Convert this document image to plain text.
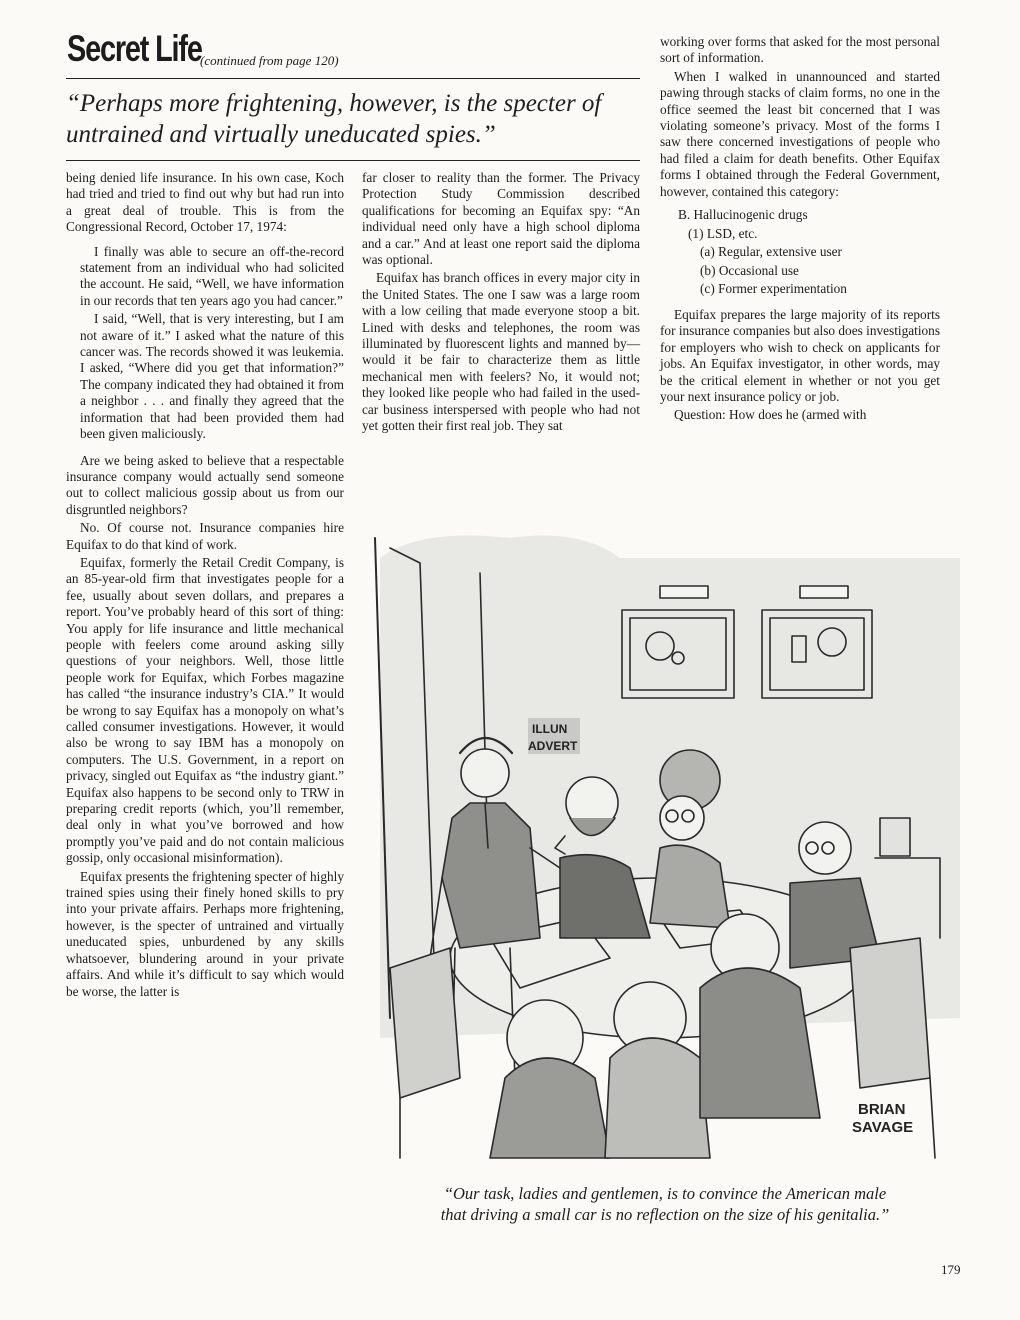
Secret Life
(continued from page 120)
“Perhaps more frightening, however, is the specter of untrained and virtually uneducated spies.”

being denied life insurance. In his own case, Koch had tried and tried to find out why but had run into a great deal of trouble. This is from the Congressional Record, October 17, 1974:

I finally was able to secure an off-the-record statement from an individual who had solicited the account. He said, “Well, we have information in our records that ten years ago you had cancer.”

I said, “Well, that is very interesting, but I am not aware of it.” I asked what the nature of this cancer was. The records showed it was leukemia. I asked, “Where did you get that information?” The company indicated they had obtained it from a neighbor . . . and finally they agreed that the information that had been provided them had been given maliciously.

Are we being asked to believe that a respectable insurance company would actually send someone out to collect malicious gossip about us from our disgruntled neighbors?

No. Of course not. Insurance companies hire Equifax to do that kind of work.

Equifax, formerly the Retail Credit Company, is an 85-year-old firm that investigates people for a fee, usually about seven dollars, and prepares a report. You’ve probably heard of this sort of thing: You apply for life insurance and little mechanical people with feelers come around asking silly questions of your neighbors. Well, those little people work for Equifax, which Forbes magazine has called “the insurance industry’s CIA.” It would be wrong to say Equifax has a monopoly on what’s called consumer investigations. However, it would also be wrong to say IBM has a monopoly on computers. The U.S. Government, in a report on privacy, singled out Equifax as “the industry giant.” Equifax also happens to be second only to TRW in preparing credit reports (which, you’ll remember, deal only in what you’ve borrowed and how promptly you’ve paid and do not contain malicious gossip, only occasional misinformation).

Equifax presents the frightening specter of highly trained spies using their finely honed skills to pry into your private affairs. Perhaps more frightening, however, is the specter of untrained and virtually uneducated spies, unburdened by any skills whatsoever, blundering around in your private affairs. And while it’s difficult to say which would be worse, the latter is

far closer to reality than the former. The Privacy Protection Study Commission described qualifications for becoming an Equifax spy: “An individual need only have a high school diploma and a car.” And at least one report said the diploma was optional.

Equifax has branch offices in every major city in the United States. The one I saw was a large room with a low ceiling that made everyone stoop a bit. Lined with desks and telephones, the room was illuminated by fluorescent lights and manned by—would it be fair to characterize them as little mechanical men with feelers? No, it would not; they looked like people who had failed in the used-car business interspersed with people who had not yet gotten their first real job. They sat

working over forms that asked for the most personal sort of information.

When I walked in unannounced and started pawing through stacks of claim forms, no one in the office seemed the least bit concerned that I was violating someone’s privacy. Most of the forms I saw there concerned investigations of people who had filed a claim for death benefits. Other Equifax forms I obtained through the Federal Government, however, contained this category:

B. Hallucinogenic drugs
(1) LSD, etc.
(a) Regular, extensive user
(b) Occasional use
(c) Former experimentation

Equifax prepares the large majority of its reports for insurance companies but also does investigations for employers who wish to check on applicants for jobs. An Equifax investigator, in other words, may be the critical element in whether or not you get your next insurance policy or job.

Question: How does he (armed with

ILLUN
ADVERT
BRIAN
SAVAGE
“Our task, ladies and gentlemen, is to convince the American male that driving a small car is no reflection on the size of his genitalia.”
179
